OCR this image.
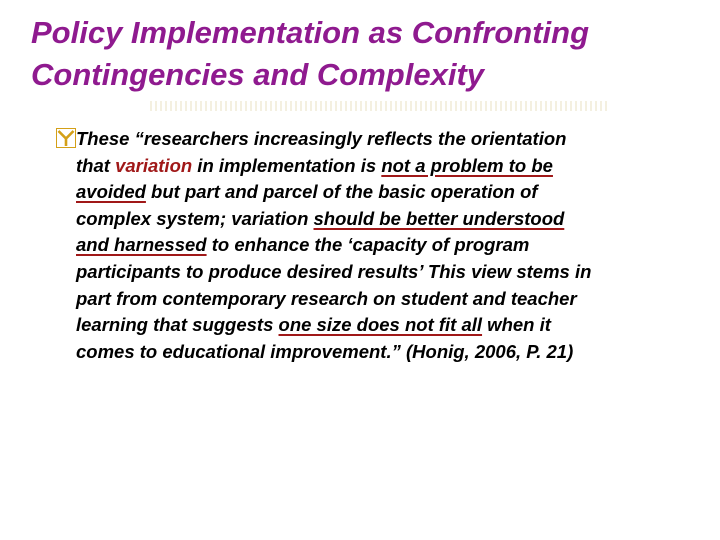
Policy Implementation as Confronting
Contingencies and Complexity
These “researchers increasingly reflects the orientation
that variation in implementation is not a problem to be
avoided but part and parcel of the basic operation of
complex system; variation should be better understood
and harnessed to enhance the ‘capacity of program
participants to produce desired results’ This view stems in
part from contemporary research on student and teacher
learning that suggests one size does not fit all when it
comes to educational improvement.” (Honig, 2006, P. 21)
